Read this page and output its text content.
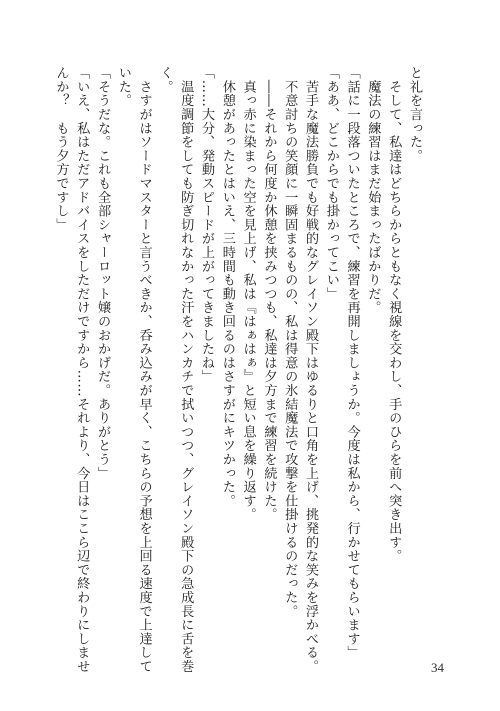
と礼を言った。

　そして、私達はどちらからともなく視線を交わし、手のひらを前へ突き出す。

　魔法の練習はまだ始まったばかりだ。

「話に一段落ついたところで、練習を再開しましょうか。今度は私から、行かせてもらいます」

「ああ、どこからでも掛かってこい」

　苦手な魔法勝負でも好戦的なグレイソン殿下はゆるりと口角を上げ、挑発的な笑みを浮かべる。

　不意討ちの笑顔に一瞬固まるものの、私は得意の氷結魔法で攻撃を仕掛けるのだった。

　――それから何度か休憩を挟みつつも、私達は夕方まで練習を続けた。

　真っ赤に染まった空を見上げ、私は『はぁはぁ』と短い息を繰り返す。

　休憩があったとはいえ、三時間も動き回るのはさすがにキツかった。

「……大分、発動スピードが上がってきましたね」

　温度調節をしても防ぎ切れなかった汗をハンカチで拭いつつ、グレイソン殿下の急成長に舌を巻

く。

　さすがはソードマスターと言うべきか、呑み込みが早く、こちらの予想を上回る速度で上達して

いた。

「そうだな。これも全部シャーロット嬢のおかげだ。ありがとう」

「いえ、私はただアドバイスをしただけですから……それより、今日はここら辺で終わりにしませ

んか？　もう夕方ですし」

34
